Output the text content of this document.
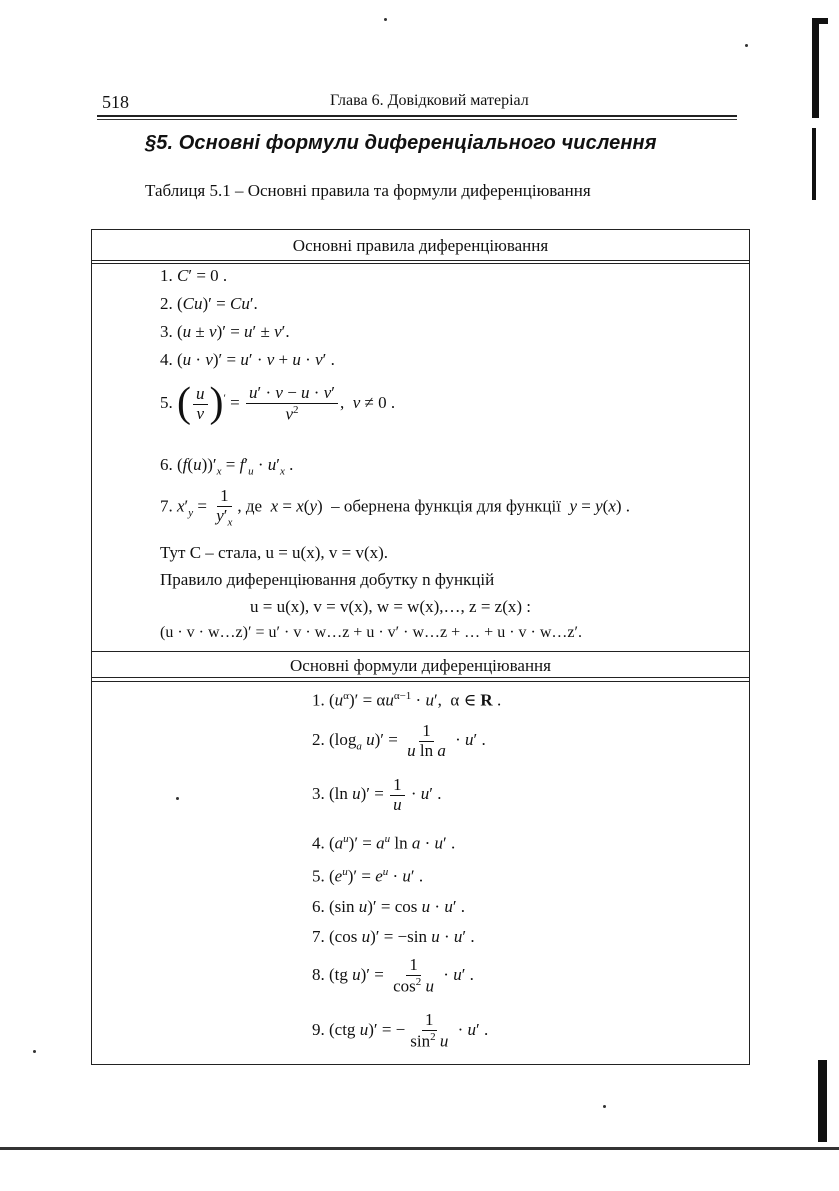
518	Глава 6. Довідковий матеріал
§5. Основні формули диференціального числення
Таблиця 5.1 – Основні правила та формули диференціювання
Основні правила диференціювання
Основні формули диференціювання
1. C′ = 0 .
2. (Cu)′ = Cu′.
3. (u ± v)′ = u′ ± v′.
4. (u · v)′ = u′ · v + u · v′ .
5. ( $\frac{u}{v}$ ) $' = \frac{u' \cdot v - u \cdot v'}{v^2}$ ,  v ≠ 0 .
6. $(f(u))'_x = f'_u \cdot u'_x$ .
7. $x'_y = \frac{1}{y'_x}$ , де  x = x(y)  – обернена функція для функції  y = y(x) .
Тут C – стала, u = u(x), v = v(x).
Правило диференціювання добутку n функцій
u = u(x), v = v(x), w = w(x),…, z = z(x) :
(u · v · w…z)′ = u′ · v · w…z + u · v′ · w…z + … + u · v · w…z′.
1. $(u^\alpha)' = \alpha u^{\alpha-1} \cdot u'$,  α ∈ R .
2. ($\log_a$ $u)' = \frac{1}{\text{u ln a}} \cdot u'$ .
3. (ln $u)' = \frac{1}{u} \cdot u'$ .
4. $(a^u)' = a^u$ ln a · u′ .
5. $(e^u)' = e^u \cdot u'$ .
6. (sin u)′ = cos u · u′ .
7. (cos u)′ = −sin u · u′ .
8. (tg $u)' = \frac{1}{\cos^2 u} \cdot u'$ .
9. (ctg u)′ = − $\frac{1}{\sin^2 u} \cdot u'$ .
